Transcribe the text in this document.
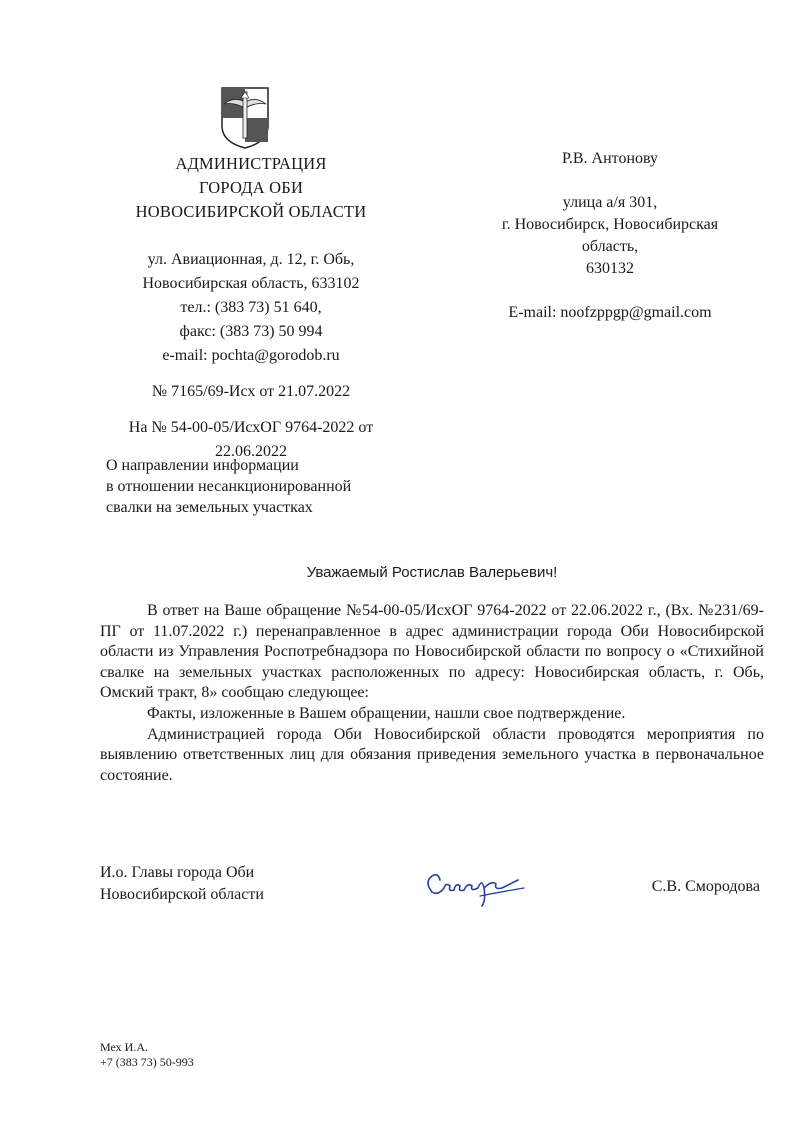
АДМИНИСТРАЦИЯ
ГОРОДА ОБИ
НОВОСИБИРСКОЙ ОБЛАСТИ
ул. Авиационная, д. 12, г. Обь,
Новосибирская область, 633102
тел.: (383 73) 51 640,
факс: (383 73) 50 994
e-mail: pochta@gorodob.ru
№ 7165/69-Исх от 21.07.2022
На № 54-00-05/ИсхОГ 9764-2022 от
22.06.2022
О направлении информации
в отношении несанкционированной
свалки на земельных участках
Р.В. Антонову
улица а/я 301,
г. Новосибирск, Новосибирская
область,
630132
E-mail: noofzppgp@gmail.com
Уважаемый Ростислав Валерьевич!

В ответ на Ваше обращение №54-00-05/ИсхОГ 9764-2022 от 22.06.2022 г., (Вх. №231/69-ПГ от 11.07.2022 г.) перенаправленное в адрес администрации города Оби Новосибирской области из Управления Роспотребнадзора по Новосибирской области по вопросу о «Стихийной свалке на земельных участках расположенных по адресу: Новосибирская область, г. Обь, Омский тракт, 8» сообщаю следующее:

Факты, изложенные в Вашем обращении, нашли свое подтверждение.

Администрацией города Оби Новосибирской области проводятся мероприятия по выявлению ответственных лиц для обязания приведения земельного участка в первоначальное состояние.

И.о. Главы города Оби
Новосибирской области	С.В. Смородова
Мех И.А.
+7 (383 73) 50-993
